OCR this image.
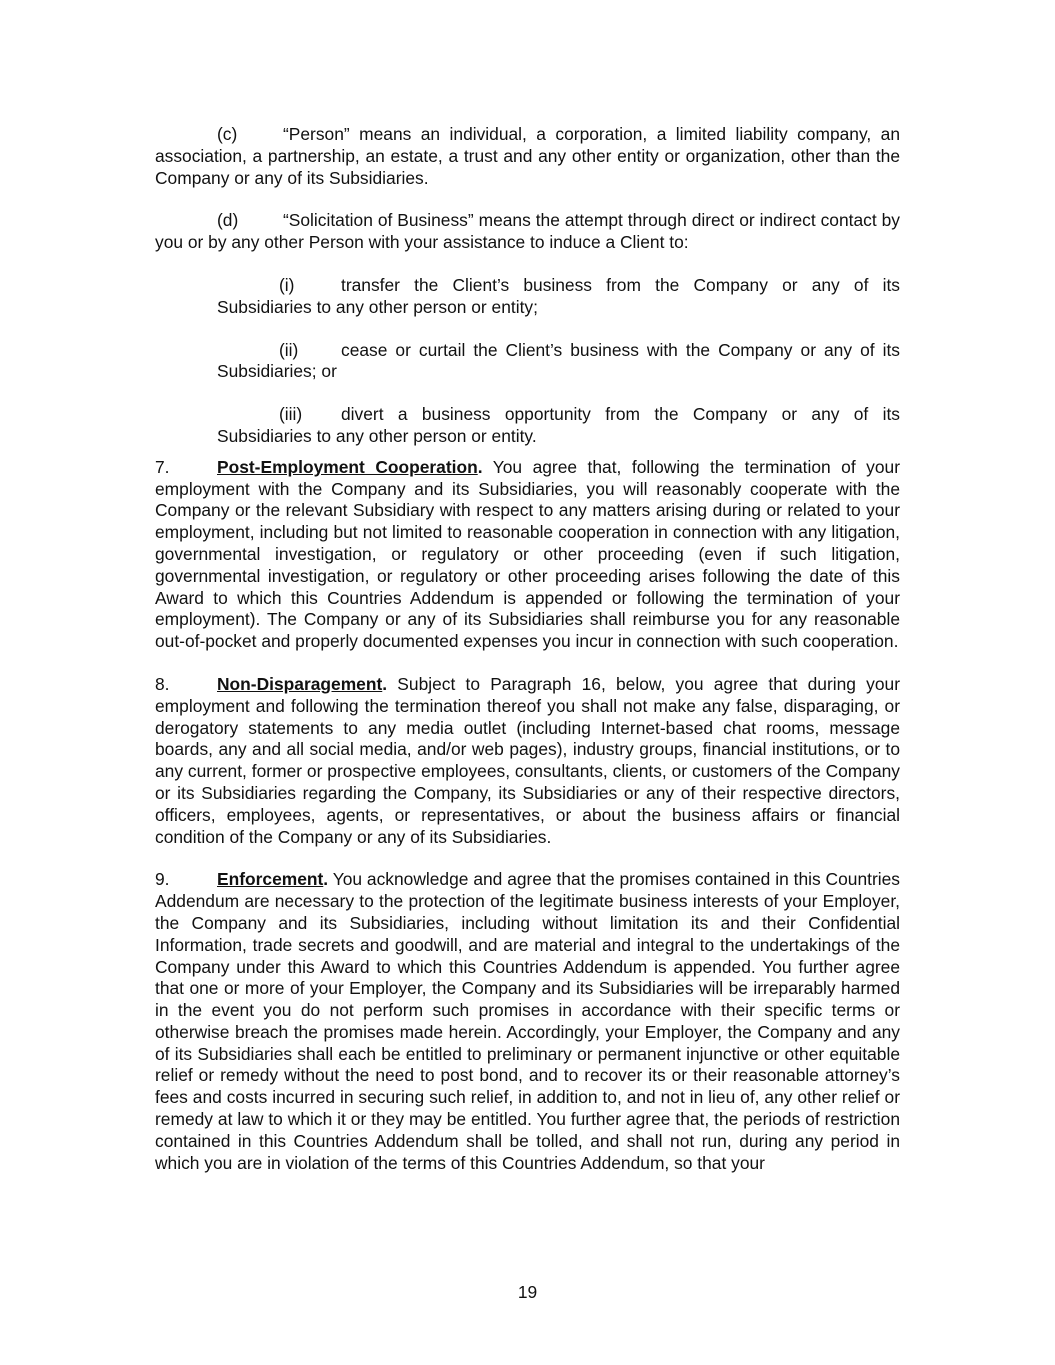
(c)	“Person” means an individual, a corporation, a limited liability company, an association, a partnership, an estate, a trust and any other entity or organization, other than the Company or any of its Subsidiaries.

(d)	“Solicitation of Business” means the attempt through direct or indirect contact by you or by any other Person with your assistance to induce a Client to:

(i)	transfer the Client’s business from the Company or any of its Subsidiaries to any other person or entity;

(ii) cease or curtail the Client’s business with the Company or any of its Subsidiaries; or

(iii) divert a business opportunity from the Company or any of its Subsidiaries to any other person or entity.

7.	Post-Employment Cooperation. You agree that, following the termination of your employment with the Company and its Subsidiaries, you will reasonably cooperate with the Company or the relevant Subsidiary with respect to any matters arising during or related to your employment, including but not limited to reasonable cooperation in connection with any litigation, governmental investigation, or regulatory or other proceeding (even if such litigation, governmental investigation, or regulatory or other proceeding arises following the date of this Award to which this Countries Addendum is appended or following the termination of your employment). The Company or any of its Subsidiaries shall reimburse you for any reasonable out-of-pocket and properly documented expenses you incur in connection with such cooperation.

8.	Non-Disparagement. Subject to Paragraph 16, below, you agree that during your employment and following the termination thereof you shall not make any false, disparaging, or derogatory statements to any media outlet (including Internet-based chat rooms, message boards, any and all social media, and/or web pages), industry groups, financial institutions, or to any current, former or prospective employees, consultants, clients, or customers of the Company or its Subsidiaries regarding the Company, its Subsidiaries or any of their respective directors, officers, employees, agents, or representatives, or about the business affairs or financial condition of the Company or any of its Subsidiaries.

9.	Enforcement. You acknowledge and agree that the promises contained in this Countries Addendum are necessary to the protection of the legitimate business interests of your Employer, the Company and its Subsidiaries, including without limitation its and their Confidential Information, trade secrets and goodwill, and are material and integral to the undertakings of the Company under this Award to which this Countries Addendum is appended. You further agree that one or more of your Employer, the Company and its Subsidiaries will be irreparably harmed in the event you do not perform such promises in accordance with their specific terms or otherwise breach the promises made herein. Accordingly, your Employer, the Company and any of its Subsidiaries shall each be entitled to preliminary or permanent injunctive or other equitable relief or remedy without the need to post bond, and to recover its or their reasonable attorney’s fees and costs incurred in securing such relief, in addition to, and not in lieu of, any other relief or remedy at law to which it or they may be entitled. You further agree that, the periods of restriction contained in this Countries Addendum shall be tolled, and shall not run, during any period in which you are in violation of the terms of this Countries Addendum, so that your

19
